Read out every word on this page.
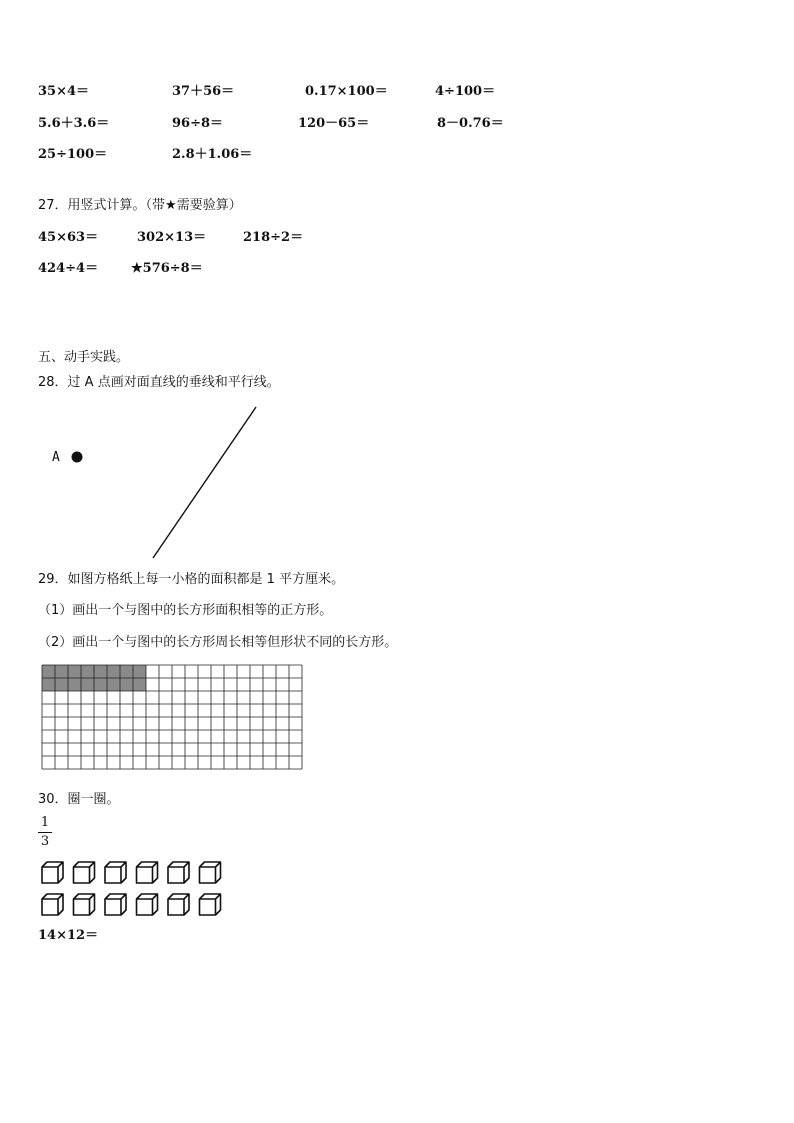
35×4＝	37＋56＝	0.17×100＝	4÷100＝
5.6＋3.6＝	96÷8＝	120－65＝	8－0.76＝
25÷100＝	2.8＋1.06＝
27．用竖式计算。（带★需要验算）
45×63＝	302×13＝	218÷2＝
424÷4＝	★576÷8＝
五、动手实践。
28．过 A 点画对面直线的垂线和平行线。
A
29．如图方格纸上每一小格的面积都是 1 平方厘米。
（1）画出一个与图中的长方形面积相等的正方形。
（2）画出一个与图中的长方形周长相等但形状不同的长方形。
30．圈一圈。
1
3
14×12＝
